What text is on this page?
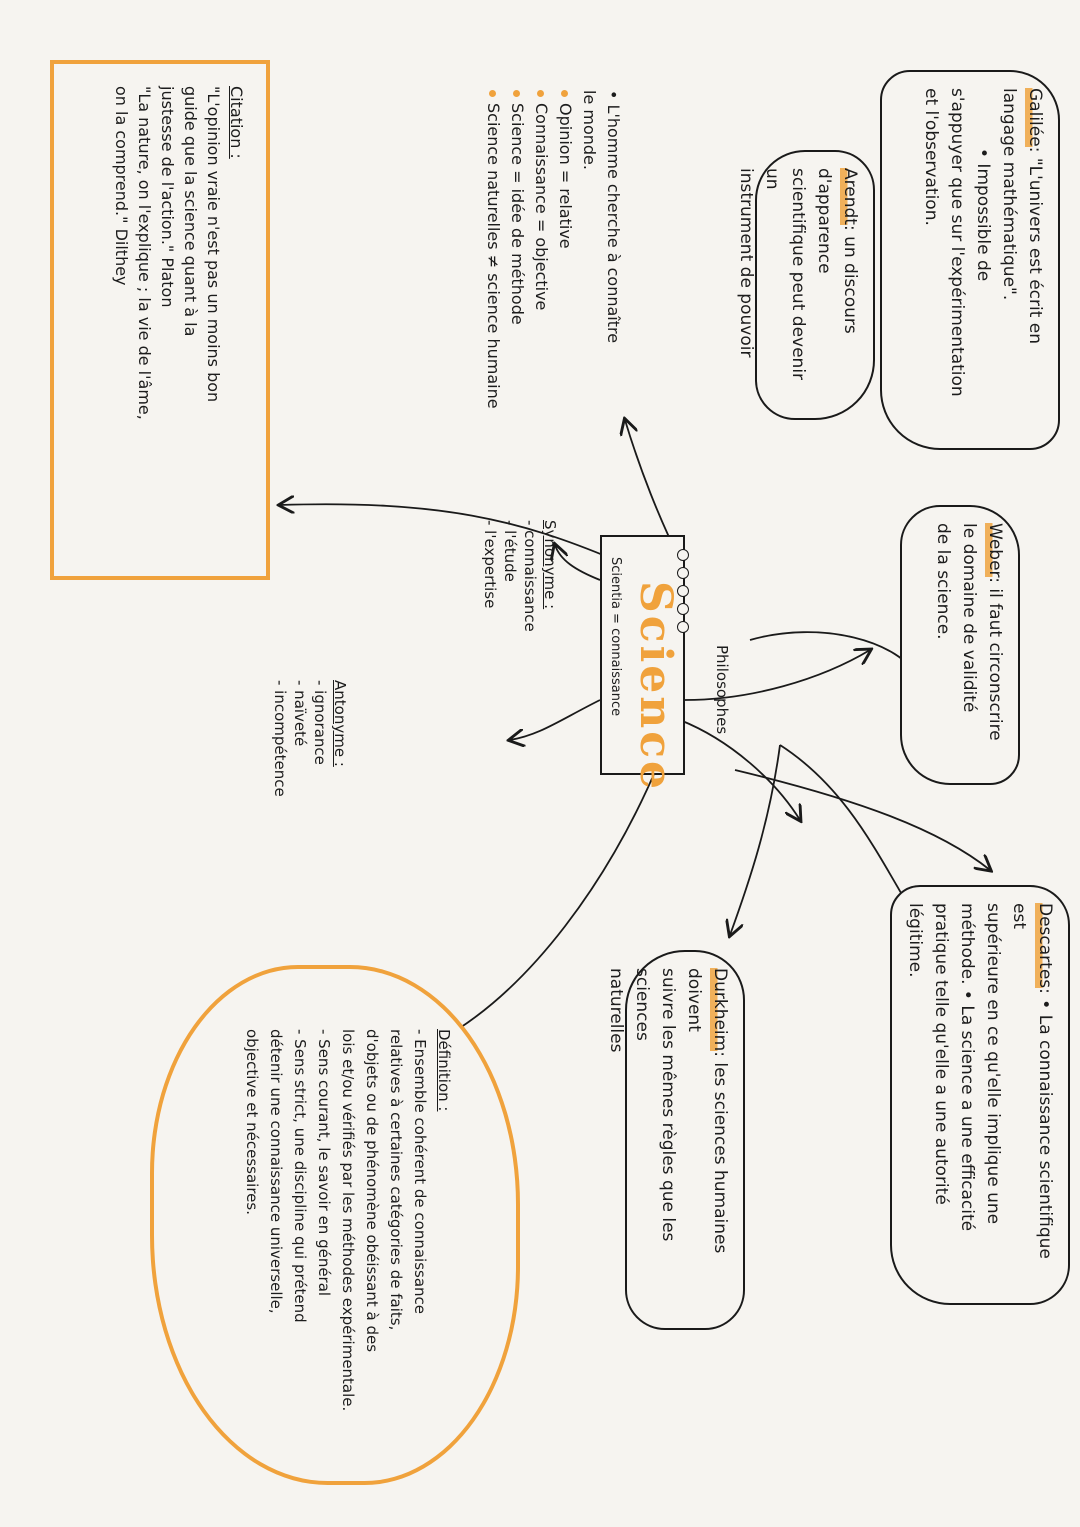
Science
Scientia = connaissance	Philosophes
Synonyme :
- connaissance
- l'étude
- l'expertise
Antonyme :
- ignorance
- naïveté
- incompétence
Galilée: "L'univers est écrit en
langage mathématique".
• Impossible de
s'appuyer que sur l'expérimentation
et l'observation.
Arendt: un discours d'apparence
scientifique peut devenir un
instrument de pouvoir
Weber: il faut circonscrire
le domaine de validité
de la science.
Descartes: • La connaissance scientifique est
supérieure en ce qu'elle implique une
méthode. • La science a une efficacité
pratique telle qu'elle a une autorité
légitime.
Durkheim: les sciences humaines doivent
suivre les mêmes règles que les sciences
naturelles
• L'homme cherche à connaître
le monde.
Opinion = relative
Connaissance = objective
Science = idée de méthode
Science naturelles ≠ science humaine
Citation :
"L'opinion vraie n'est pas un moins bon
guide que la science quant à la
justesse de l'action." Platon
"La nature, on l'explique ; la vie de l'âme,
on la comprend." Dilthey
Définition :
- Ensemble cohérent de connaissance
relatives à certaines catégories de faits,
d'objets ou de phénomène obéissant à des
lois et/ou vérifiés par les méthodes expérimentale.
- Sens courant, le savoir en général
- Sens strict, une discipline qui prétend
détenir une connaissance universelle,
objective et nécessaires.
